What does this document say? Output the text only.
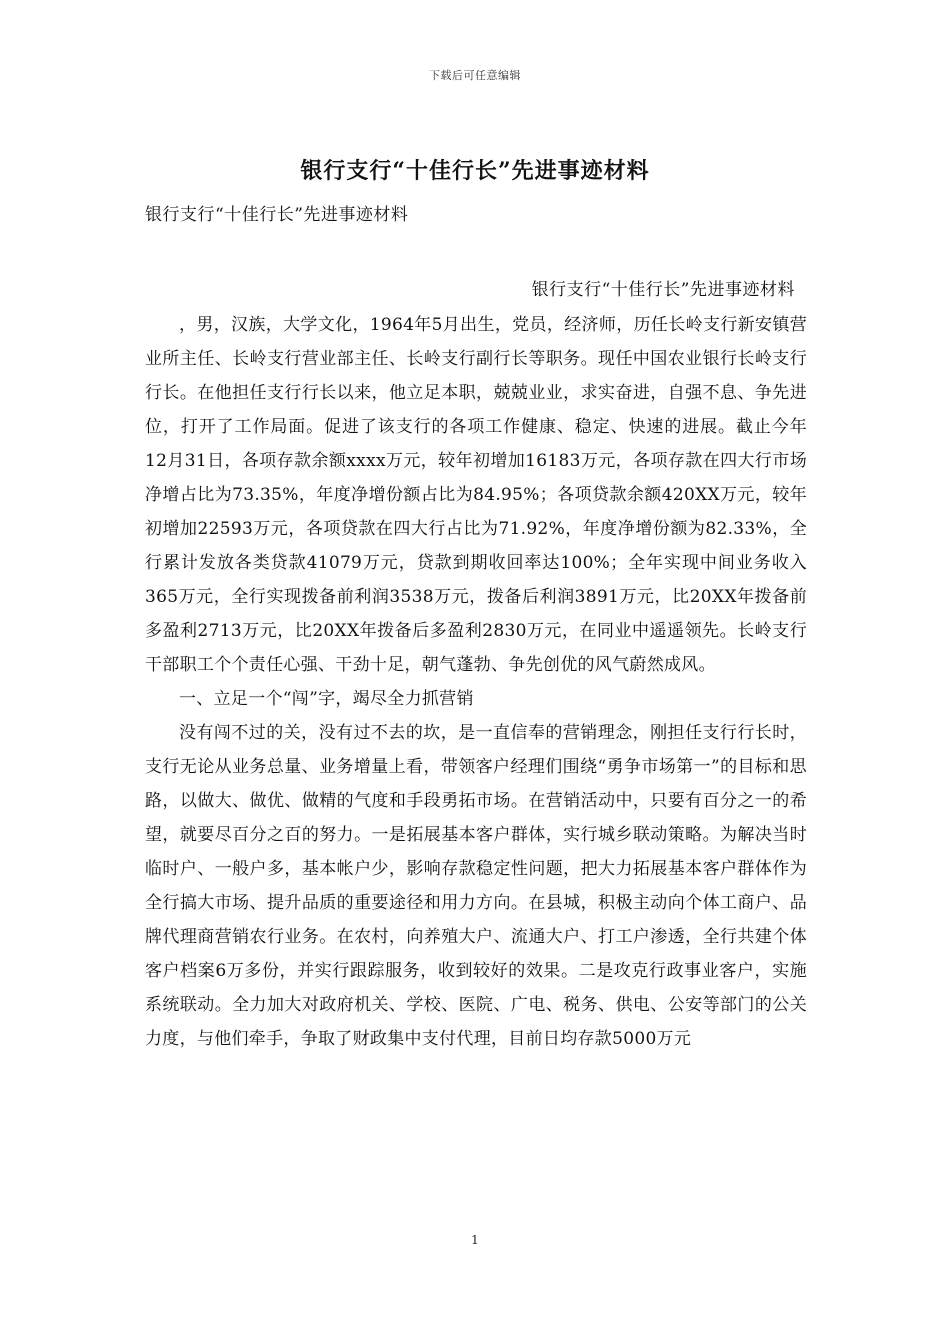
下载后可任意编辑
银行支行“十佳行长”先进事迹材料
银行支行“十佳行长”先进事迹材料
银行支行“十佳行长”先进事迹材料

，男，汉族，大学文化，1964年5月出生，党员，经济师，历任长岭支行新安镇营业所主任、长岭支行营业部主任、长岭支行副行长等职务。现任中国农业银行长岭支行行长。在他担任支行行长以来，他立足本职，兢兢业业，求实奋进，自强不息、争先进位，打开了工作局面。促进了该支行的各项工作健康、稳定、快速的进展。截止今年12月31日，各项存款余额xxxx万元，较年初增加16183万元，各项存款在四大行市场净增占比为73.35%，年度净增份额占比为84.95%；各项贷款余额420XX万元，较年初增加22593万元，各项贷款在四大行占比为71.92%，年度净增份额为82.33%，全行累计发放各类贷款41079万元，贷款到期收回率达100%；全年实现中间业务收入365万元，全行实现拨备前利润3538万元，拨备后利润3891万元，比20XX年拨备前多盈利2713万元，比20XX年拨备后多盈利2830万元，在同业中遥遥领先。长岭支行干部职工个个责任心强、干劲十足，朝气蓬勃、争先创优的风气蔚然成风。

一、立足一个“闯”字，竭尽全力抓营销

没有闯不过的关，没有过不去的坎，是一直信奉的营销理念，刚担任支行行长时，支行无论从业务总量、业务增量上看，带领客户经理们围绕“勇争市场第一”的目标和思路，以做大、做优、做精的气度和手段勇拓市场。在营销活动中，只要有百分之一的希望，就要尽百分之百的努力。一是拓展基本客户群体，实行城乡联动策略。为解决当时临时户、一般户多，基本帐户少，影响存款稳定性问题，把大力拓展基本客户群体作为全行搞大市场、提升品质的重要途径和用力方向。在县城，积极主动向个体工商户、品牌代理商营销农行业务。在农村，向养殖大户、流通大户、打工户渗透，全行共建个体客户档案6万多份，并实行跟踪服务，收到较好的效果。二是攻克行政事业客户，实施系统联动。全力加大对政府机关、学校、医院、广电、税务、供电、公安等部门的公关力度，与他们牵手，争取了财政集中支付代理，目前日均存款5000万元

1
